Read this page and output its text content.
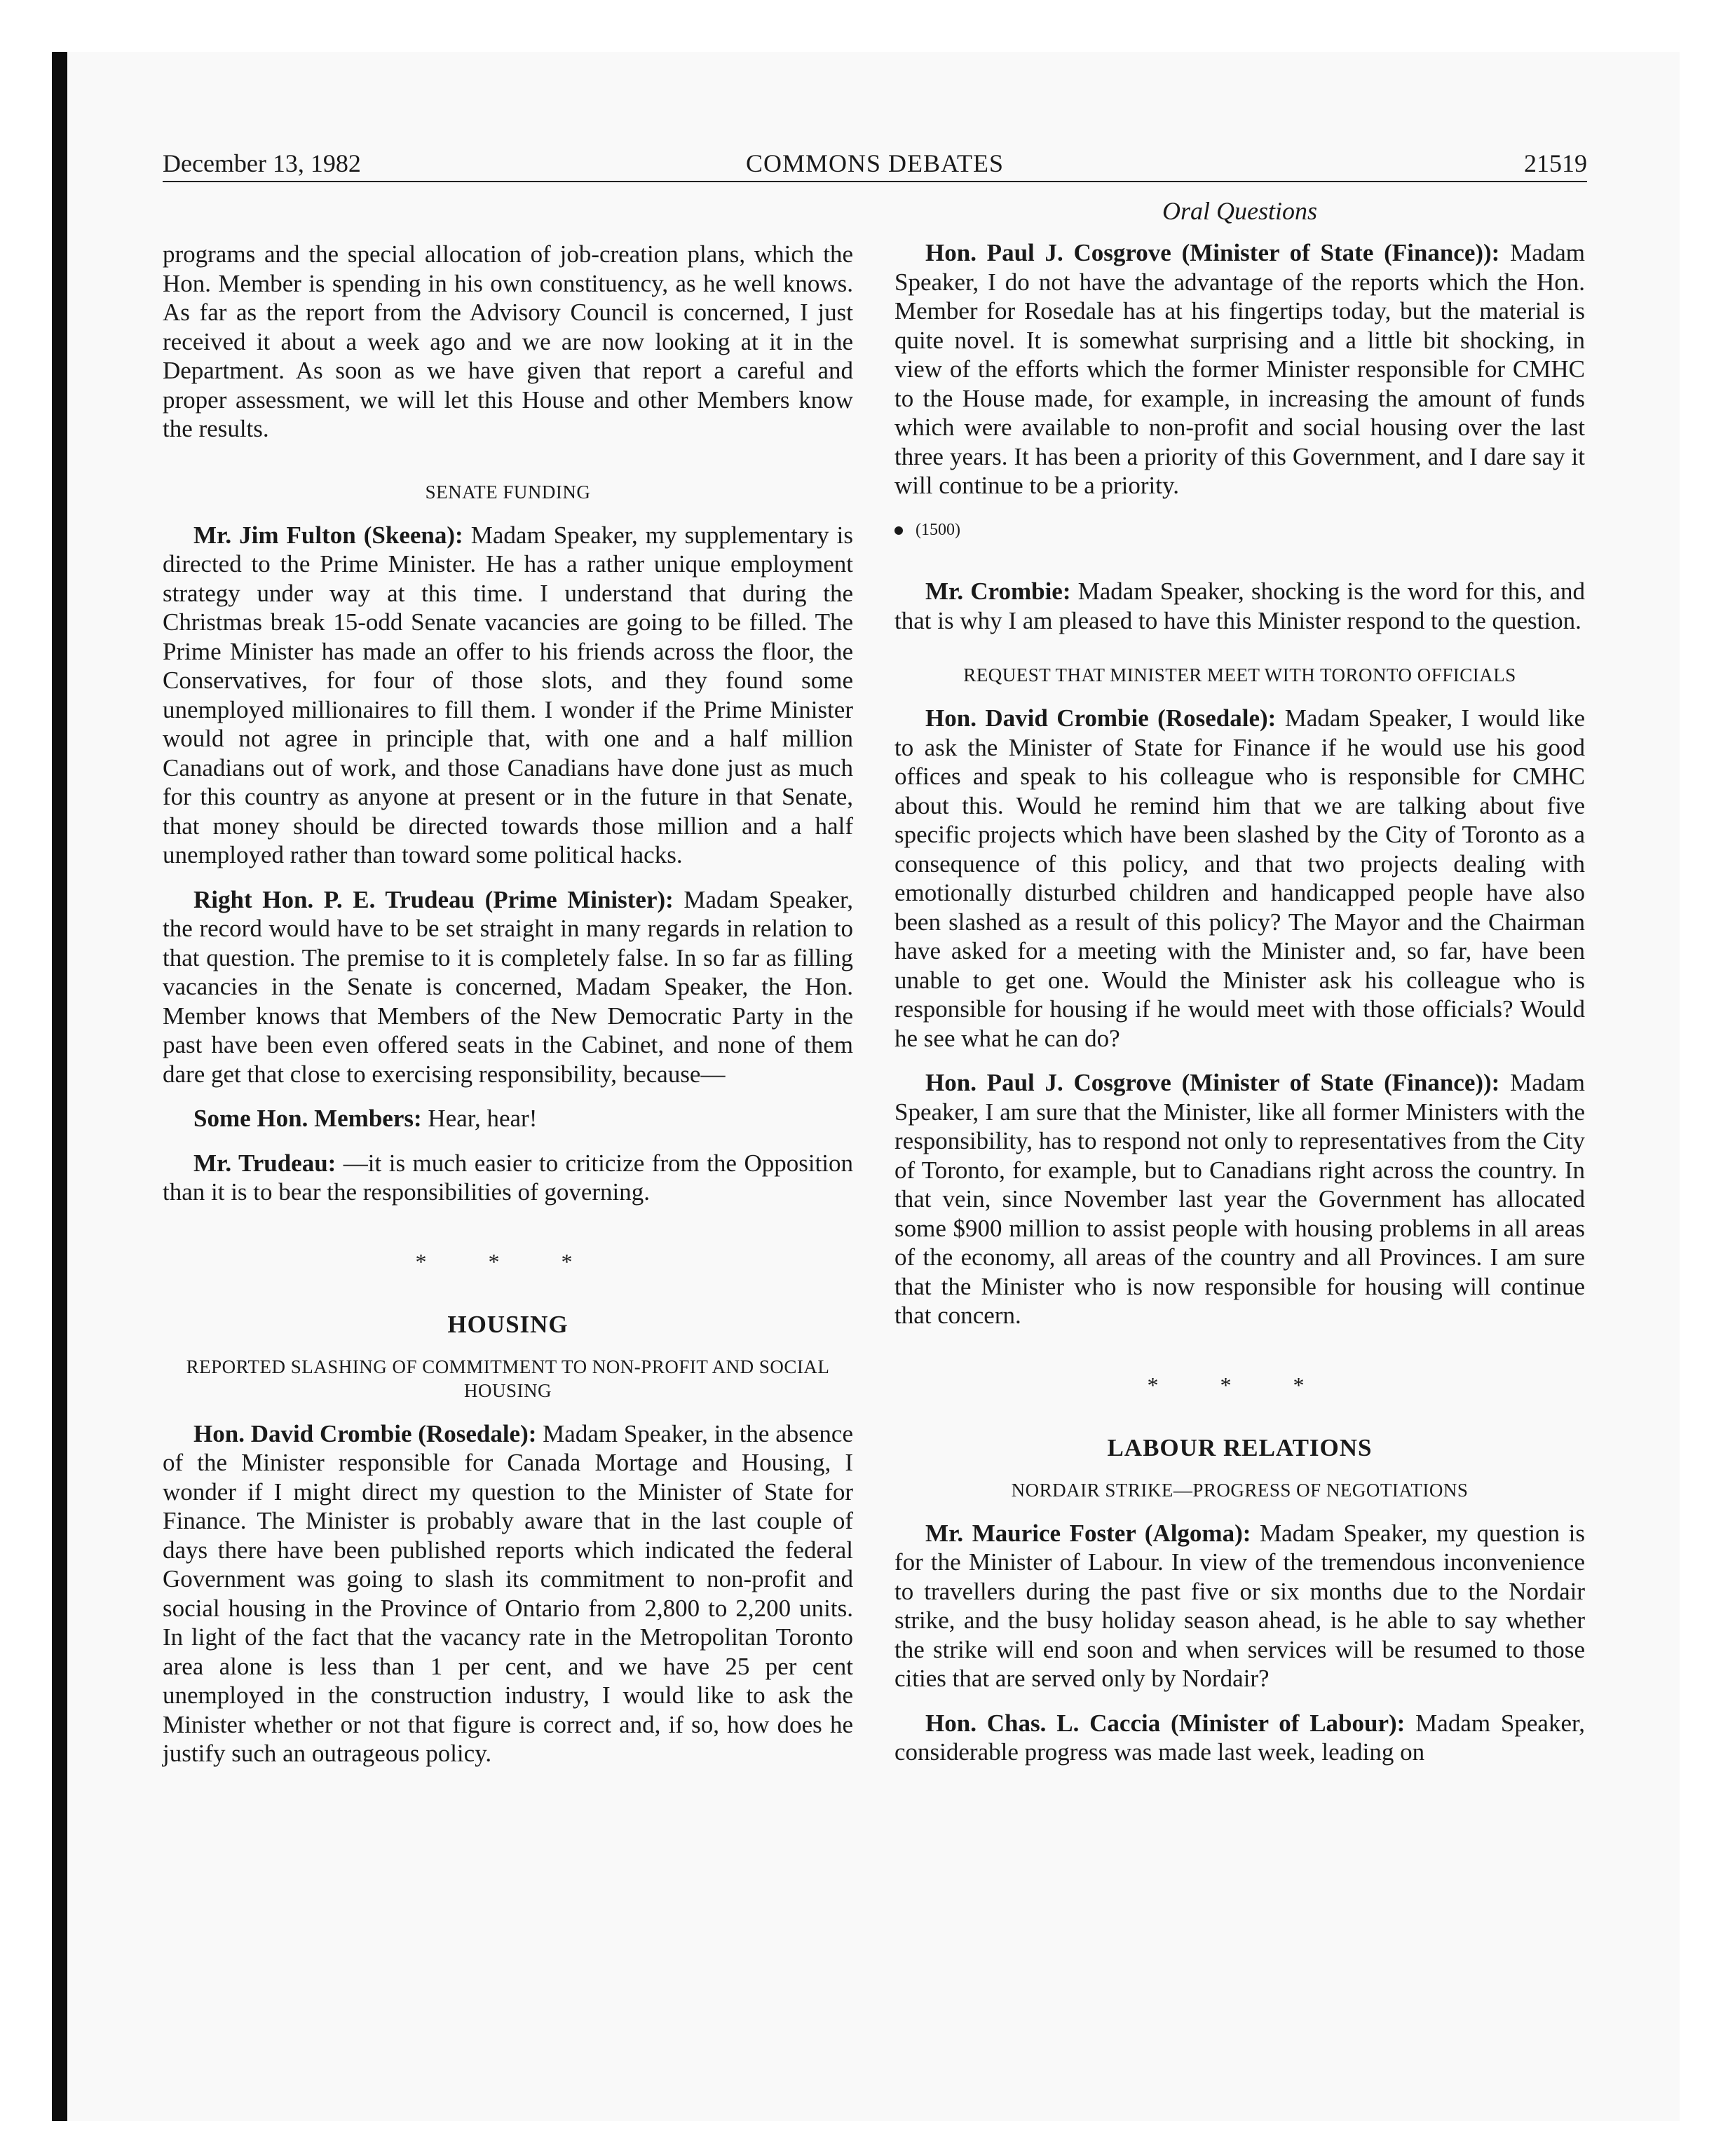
December 13, 1982	COMMONS DEBATES	21519
Oral Questions

programs and the special allocation of job-creation plans, which the Hon. Member is spending in his own constituency, as he well knows. As far as the report from the Advisory Council is concerned, I just received it about a week ago and we are now looking at it in the Department. As soon as we have given that report a careful and proper assessment, we will let this House and other Members know the results.

SENATE FUNDING

Mr. Jim Fulton (Skeena): Madam Speaker, my supplementary is directed to the Prime Minister. He has a rather unique employment strategy under way at this time. I understand that during the Christmas break 15-odd Senate vacancies are going to be filled. The Prime Minister has made an offer to his friends across the floor, the Conservatives, for four of those slots, and they found some unemployed millionaires to fill them. I wonder if the Prime Minister would not agree in principle that, with one and a half million Canadians out of work, and those Canadians have done just as much for this country as anyone at present or in the future in that Senate, that money should be directed towards those million and a half unemployed rather than toward some political hacks.

Right Hon. P. E. Trudeau (Prime Minister): Madam Speaker, the record would have to be set straight in many regards in relation to that question. The premise to it is completely false. In so far as filling vacancies in the Senate is concerned, Madam Speaker, the Hon. Member knows that Members of the New Democratic Party in the past have been even offered seats in the Cabinet, and none of them dare get that close to exercising responsibility, because—

Some Hon. Members: Hear, hear!

Mr. Trudeau: —it is much easier to criticize from the Opposition than it is to bear the responsibilities of governing.

* * *
HOUSING
REPORTED SLASHING OF COMMITMENT TO NON-PROFIT AND SOCIAL HOUSING

Hon. David Crombie (Rosedale): Madam Speaker, in the absence of the Minister responsible for Canada Mortage and Housing, I wonder if I might direct my question to the Minister of State for Finance. The Minister is probably aware that in the last couple of days there have been published reports which indicated the federal Government was going to slash its commitment to non-profit and social housing in the Province of Ontario from 2,800 to 2,200 units. In light of the fact that the vacancy rate in the Metropolitan Toronto area alone is less than 1 per cent, and we have 25 per cent unemployed in the construction industry, I would like to ask the Minister whether or not that figure is correct and, if so, how does he justify such an outrageous policy.

Hon. Paul J. Cosgrove (Minister of State (Finance)): Madam Speaker, I do not have the advantage of the reports which the Hon. Member for Rosedale has at his fingertips today, but the material is quite novel. It is somewhat surprising and a little bit shocking, in view of the efforts which the former Minister responsible for CMHC to the House made, for example, in increasing the amount of funds which were available to non-profit and social housing over the last three years. It has been a priority of this Government, and I dare say it will continue to be a priority.

(1500)

Mr. Crombie: Madam Speaker, shocking is the word for this, and that is why I am pleased to have this Minister respond to the question.

REQUEST THAT MINISTER MEET WITH TORONTO OFFICIALS

Hon. David Crombie (Rosedale): Madam Speaker, I would like to ask the Minister of State for Finance if he would use his good offices and speak to his colleague who is responsible for CMHC about this. Would he remind him that we are talking about five specific projects which have been slashed by the City of Toronto as a consequence of this policy, and that two projects dealing with emotionally disturbed children and handicapped people have also been slashed as a result of this policy? The Mayor and the Chairman have asked for a meeting with the Minister and, so far, have been unable to get one. Would the Minister ask his colleague who is responsible for housing if he would meet with those officials? Would he see what he can do?

Hon. Paul J. Cosgrove (Minister of State (Finance)): Madam Speaker, I am sure that the Minister, like all former Ministers with the responsibility, has to respond not only to representatives from the City of Toronto, for example, but to Canadians right across the country. In that vein, since November last year the Government has allocated some $900 million to assist people with housing problems in all areas of the economy, all areas of the country and all Provinces. I am sure that the Minister who is now responsible for housing will continue that concern.

* * *
LABOUR RELATIONS
NORDAIR STRIKE—PROGRESS OF NEGOTIATIONS

Mr. Maurice Foster (Algoma): Madam Speaker, my question is for the Minister of Labour. In view of the tremendous inconvenience to travellers during the past five or six months due to the Nordair strike, and the busy holiday season ahead, is he able to say whether the strike will end soon and when services will be resumed to those cities that are served only by Nordair?

Hon. Chas. L. Caccia (Minister of Labour): Madam Speaker, considerable progress was made last week, leading on
